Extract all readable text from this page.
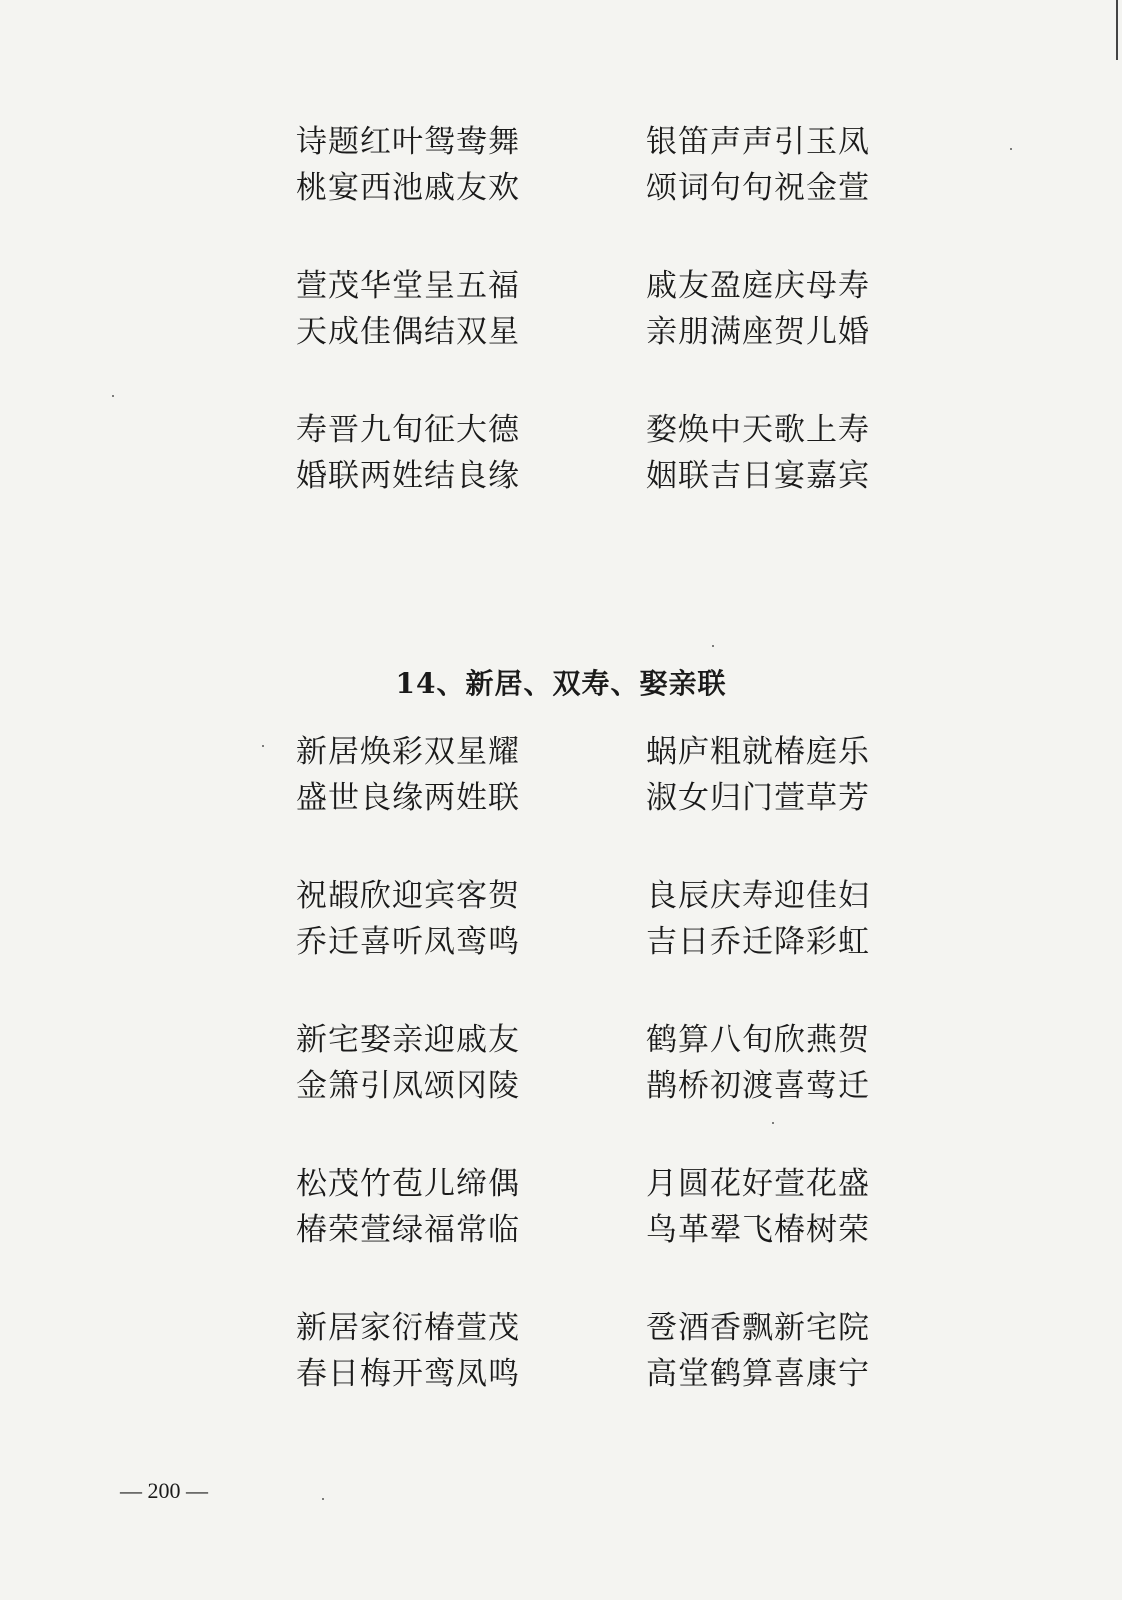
诗题红叶鸳鸯舞
桃宴西池戚友欢
银笛声声引玉凤
颂词句句祝金萱
萱茂华堂呈五福
天成佳偶结双星
戚友盈庭庆母寿
亲朋满座贺儿婚
寿晋九旬征大德
婚联两姓结良缘
婺焕中天歌上寿
姻联吉日宴嘉宾
14、新居、双寿、娶亲联
新居焕彩双星耀
盛世良缘两姓联
蜗庐粗就椿庭乐
淑女归门萱草芳
祝嘏欣迎宾客贺
乔迁喜听凤鸾鸣
良辰庆寿迎佳妇
吉日乔迁降彩虹
新宅娶亲迎戚友
金箫引凤颂冈陵
鹤算八旬欣燕贺
鹊桥初渡喜莺迁
松茂竹苞儿缔偶
椿荣萱绿福常临
月圆花好萱花盛
鸟革翚飞椿树荣
新居家衍椿萱茂
春日梅开鸾凤鸣
卺酒香飘新宅院
高堂鹤算喜康宁
— 200 —
